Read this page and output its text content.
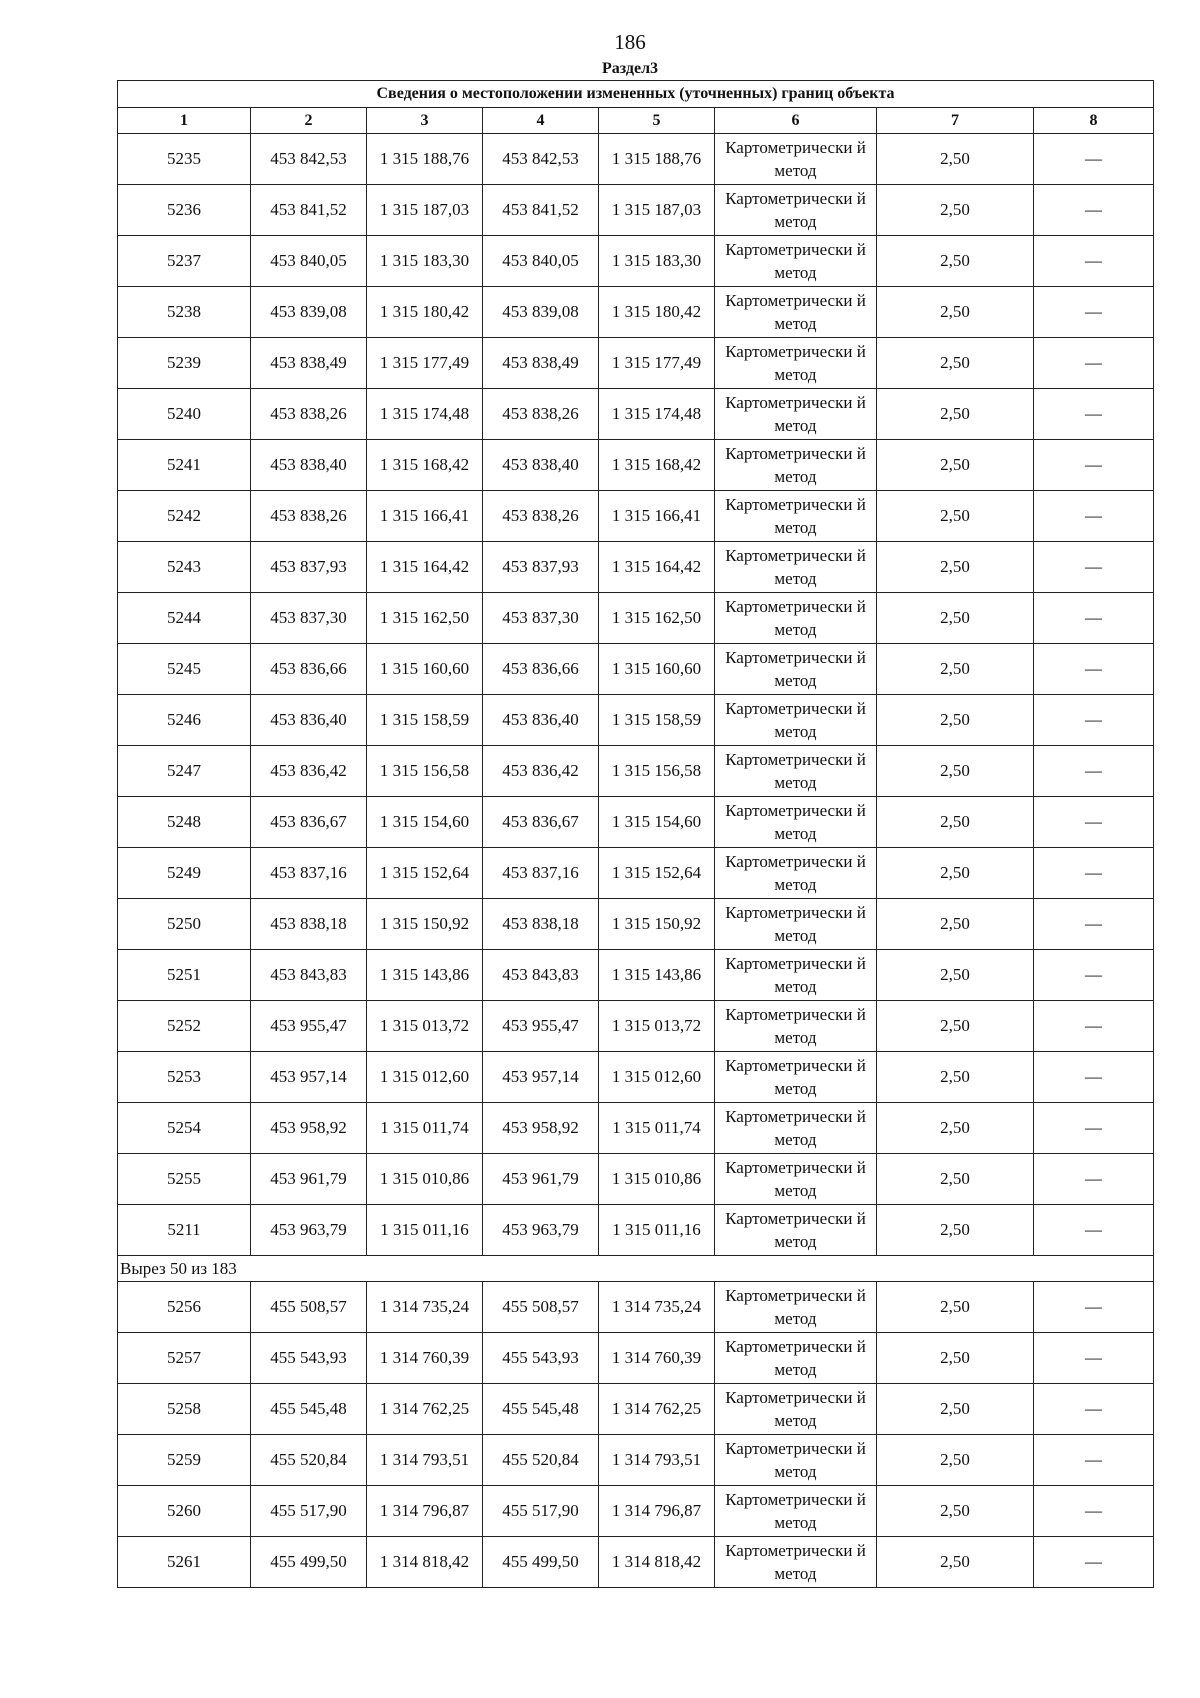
186
Раздел3
Сведения о местоположении измененных (уточненных) границ объекта							
1	2	3	4	5	6	7	8
5235	453 842,53	1 315 188,76	453 842,53	1 315 188,76	Картометрически й метод	2,50	—
5236	453 841,52	1 315 187,03	453 841,52	1 315 187,03	Картометрически й метод	2,50	—
5237	453 840,05	1 315 183,30	453 840,05	1 315 183,30	Картометрически й метод	2,50	—
5238	453 839,08	1 315 180,42	453 839,08	1 315 180,42	Картометрически й метод	2,50	—
5239	453 838,49	1 315 177,49	453 838,49	1 315 177,49	Картометрически й метод	2,50	—
5240	453 838,26	1 315 174,48	453 838,26	1 315 174,48	Картометрически й метод	2,50	—
5241	453 838,40	1 315 168,42	453 838,40	1 315 168,42	Картометрически й метод	2,50	—
5242	453 838,26	1 315 166,41	453 838,26	1 315 166,41	Картометрически й метод	2,50	—
5243	453 837,93	1 315 164,42	453 837,93	1 315 164,42	Картометрически й метод	2,50	—
5244	453 837,30	1 315 162,50	453 837,30	1 315 162,50	Картометрически й метод	2,50	—
5245	453 836,66	1 315 160,60	453 836,66	1 315 160,60	Картометрически й метод	2,50	—
5246	453 836,40	1 315 158,59	453 836,40	1 315 158,59	Картометрически й метод	2,50	—
5247	453 836,42	1 315 156,58	453 836,42	1 315 156,58	Картометрически й метод	2,50	—
5248	453 836,67	1 315 154,60	453 836,67	1 315 154,60	Картометрически й метод	2,50	—
5249	453 837,16	1 315 152,64	453 837,16	1 315 152,64	Картометрически й метод	2,50	—
5250	453 838,18	1 315 150,92	453 838,18	1 315 150,92	Картометрически й метод	2,50	—
5251	453 843,83	1 315 143,86	453 843,83	1 315 143,86	Картометрически й метод	2,50	—
5252	453 955,47	1 315 013,72	453 955,47	1 315 013,72	Картометрически й метод	2,50	—
5253	453 957,14	1 315 012,60	453 957,14	1 315 012,60	Картометрически й метод	2,50	—
5254	453 958,92	1 315 011,74	453 958,92	1 315 011,74	Картометрически й метод	2,50	—
5255	453 961,79	1 315 010,86	453 961,79	1 315 010,86	Картометрически й метод	2,50	—
5211	453 963,79	1 315 011,16	453 963,79	1 315 011,16	Картометрически й метод	2,50	—
Вырез 50 из 183							
5256	455 508,57	1 314 735,24	455 508,57	1 314 735,24	Картометрически й метод	2,50	—
5257	455 543,93	1 314 760,39	455 543,93	1 314 760,39	Картометрически й метод	2,50	—
5258	455 545,48	1 314 762,25	455 545,48	1 314 762,25	Картометрически й метод	2,50	—
5259	455 520,84	1 314 793,51	455 520,84	1 314 793,51	Картометрически й метод	2,50	—
5260	455 517,90	1 314 796,87	455 517,90	1 314 796,87	Картометрически й метод	2,50	—
5261	455 499,50	1 314 818,42	455 499,50	1 314 818,42	Картометрически й метод	2,50	—
